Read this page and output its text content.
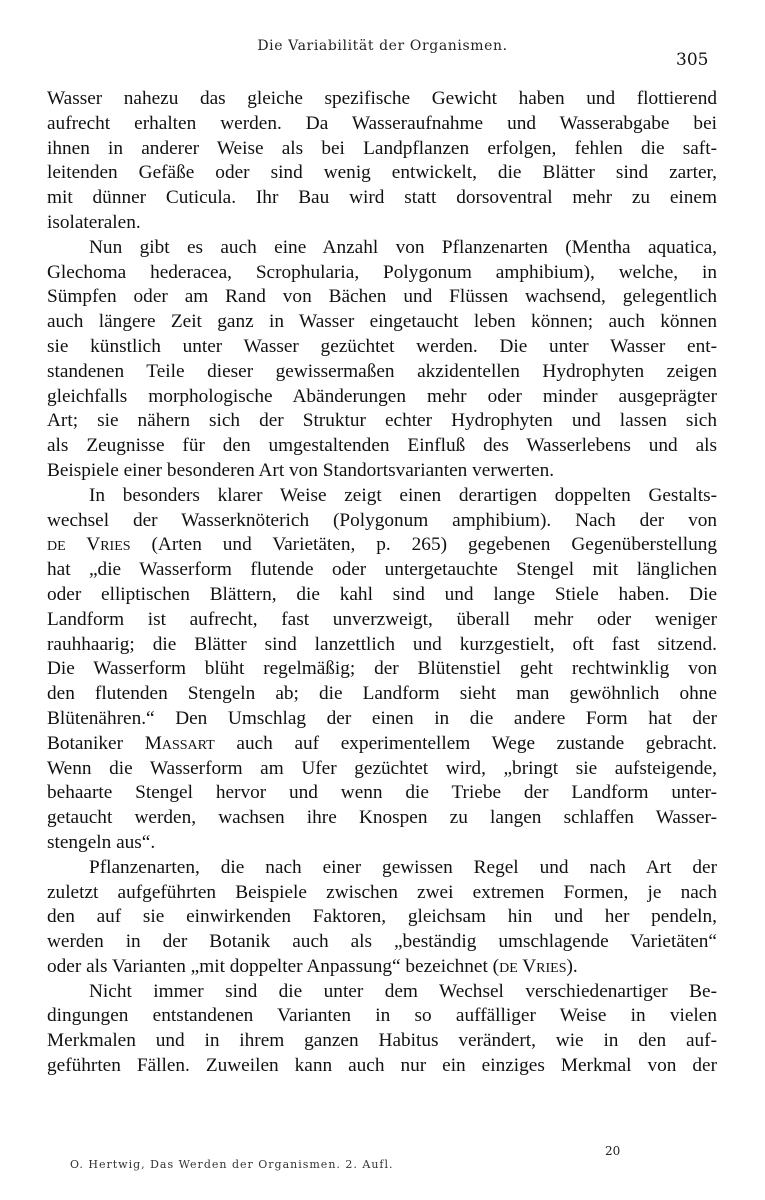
Die Variabilität der Organismen.
305
Wasser nahezu das gleiche spezifische Gewicht haben und flottierend
aufrecht erhalten werden. Da Wasseraufnahme und Wasserabgabe bei
ihnen in anderer Weise als bei Landpflanzen erfolgen, fehlen die saft-
leitenden Gefäße oder sind wenig entwickelt, die Blätter sind zarter,
mit dünner Cuticula. Ihr Bau wird statt dorsoventral mehr zu einem
isolateralen.
Nun gibt es auch eine Anzahl von Pflanzenarten (Mentha aquatica,
Glechoma hederacea, Scrophularia, Polygonum amphibium), welche, in
Sümpfen oder am Rand von Bächen und Flüssen wachsend, gelegentlich
auch längere Zeit ganz in Wasser eingetaucht leben können; auch können
sie künstlich unter Wasser gezüchtet werden. Die unter Wasser ent-
standenen Teile dieser gewissermaßen akzidentellen Hydrophyten zeigen
gleichfalls morphologische Abänderungen mehr oder minder ausgeprägter
Art; sie nähern sich der Struktur echter Hydrophyten und lassen sich
als Zeugnisse für den umgestaltenden Einfluß des Wasserlebens und als
Beispiele einer besonderen Art von Standortsvarianten verwerten.
In besonders klarer Weise zeigt einen derartigen doppelten Gestalts-
wechsel der Wasserknöterich (Polygonum amphibium). Nach der von
de Vries (Arten und Varietäten, p. 265) gegebenen Gegenüberstellung
hat „die Wasserform flutende oder untergetauchte Stengel mit länglichen
oder elliptischen Blättern, die kahl sind und lange Stiele haben. Die
Landform ist aufrecht, fast unverzweigt, überall mehr oder weniger
rauhhaarig; die Blätter sind lanzettlich und kurzgestielt, oft fast sitzend.
Die Wasserform blüht regelmäßig; der Blütenstiel geht rechtwinklig von
den flutenden Stengeln ab; die Landform sieht man gewöhnlich ohne
Blütenähren.“ Den Umschlag der einen in die andere Form hat der
Botaniker Massart auch auf experimentellem Wege zustande gebracht.
Wenn die Wasserform am Ufer gezüchtet wird, „bringt sie aufsteigende,
behaarte Stengel hervor und wenn die Triebe der Landform unter-
getaucht werden, wachsen ihre Knospen zu langen schlaffen Wasser-
stengeln aus“.
Pflanzenarten, die nach einer gewissen Regel und nach Art der
zuletzt aufgeführten Beispiele zwischen zwei extremen Formen, je nach
den auf sie einwirkenden Faktoren, gleichsam hin und her pendeln,
werden in der Botanik auch als „beständig umschlagende Varietäten“
oder als Varianten „mit doppelter Anpassung“ bezeichnet (de Vries).
Nicht immer sind die unter dem Wechsel verschiedenartiger Be-
dingungen entstandenen Varianten in so auffälliger Weise in vielen
Merkmalen und in ihrem ganzen Habitus verändert, wie in den auf-
geführten Fällen. Zuweilen kann auch nur ein einziges Merkmal von der
O. Hertwig, Das Werden der Organismen. 2. Aufl.
20
